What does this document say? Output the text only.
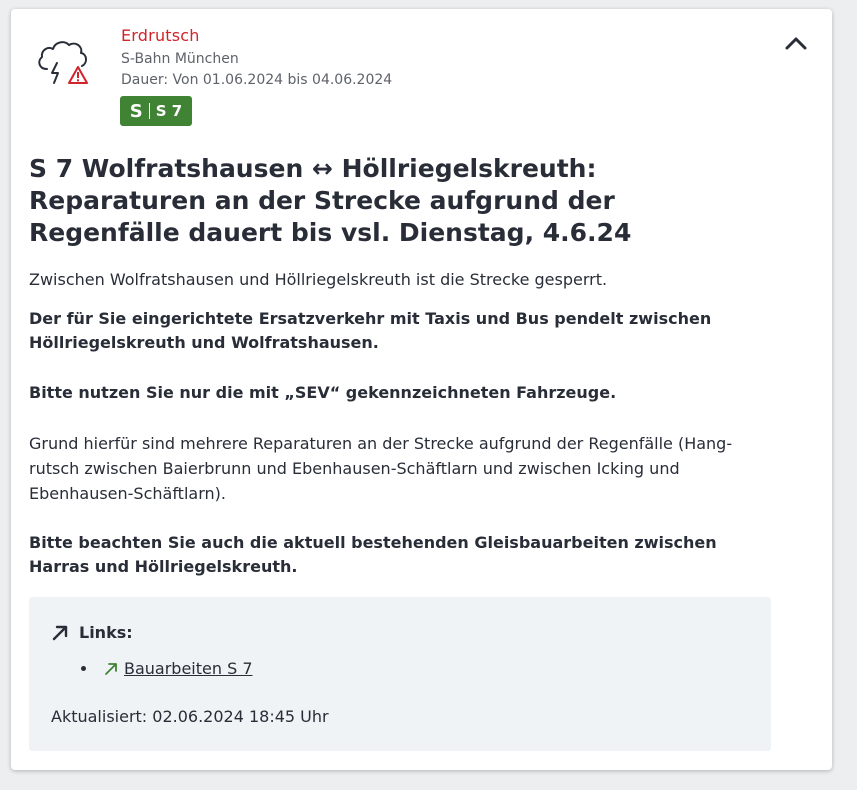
Erdrutsch
S-Bahn München
Dauer: Von 01.06.2024 bis 04.06.2024
S S 7
S 7 Wolfratshausen ↔ Höllriegelskreuth: Reparaturen an der Strecke aufgrund der Regenfälle dauert bis vsl. Dienstag, 4.6.24

Zwischen Wolfratshausen und Höllriegelskreuth ist die Strecke gesperrt.

Der für Sie eingerichtete Ersatzverkehr mit Taxis und Bus pendelt zwischen Höllriegelskreuth und Wolfratshausen.

Bitte nutzen Sie nur die mit „SEV“ gekennzeichneten Fahrzeuge.

Grund hierfür sind mehrere Reparaturen an der Strecke aufgrund der Regenfälle (Hangrutsch zwischen Baierbrunn und Ebenhausen-Schäftlarn und zwischen Icking und Ebenhausen-Schäftlarn).

Bitte beachten Sie auch die aktuell bestehenden Gleisbauarbeiten zwischen Harras und Höllriegelskreuth.

Links:
Bauarbeiten S 7
Aktualisiert: 02.06.2024 18:45 Uhr
